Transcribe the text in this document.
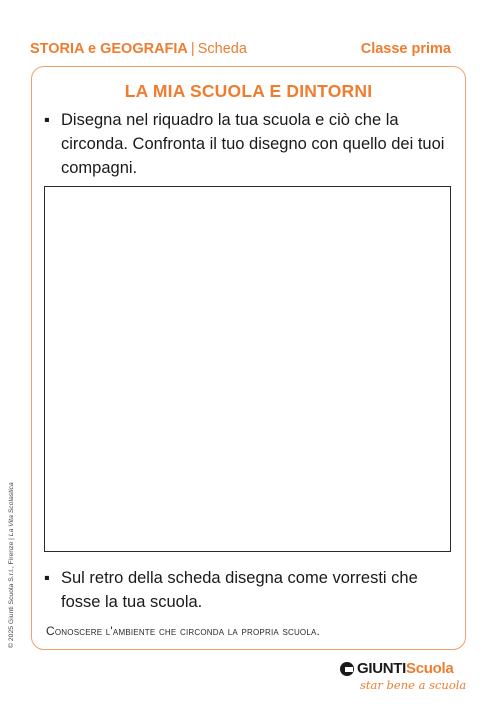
STORIA e GEOGRAFIA | Scheda	Classe prima
LA MIA SCUOLA E DINTORNI
▪ Disegna nel riquadro la tua scuola e ciò che la circonda. Confronta il tuo disegno con quello dei tuoi compagni.
▪ Sul retro della scheda disegna come vorresti che fosse la tua scuola.
Conoscere l'ambiente che circonda la propria scuola.
© 2025 Giunti Scuola S.r.l., Firenze | La Vita Scolastica
GIUNTIScuola
star bene a scuola
